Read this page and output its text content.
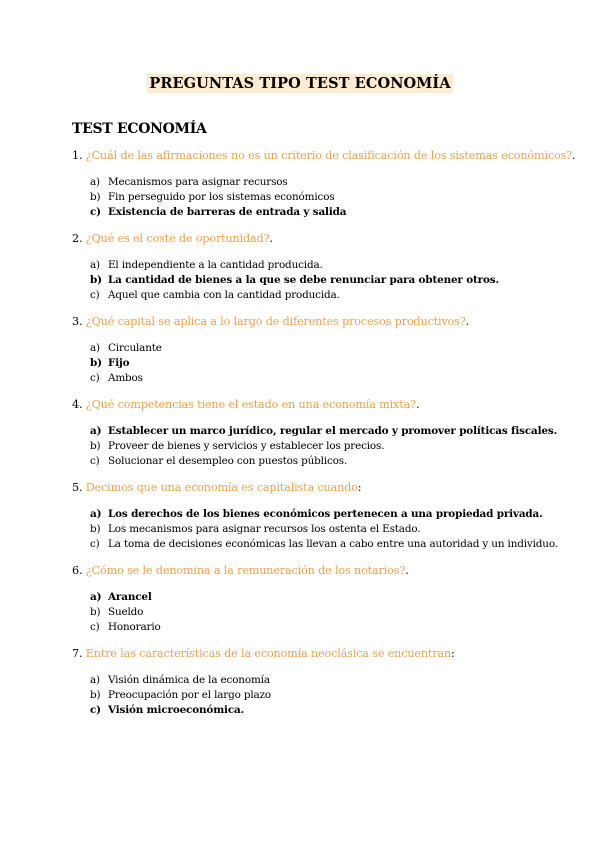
PREGUNTAS TIPO TEST ECONOMÍA
TEST ECONOMÍA
1. ¿Cuál de las afirmaciones no es un criterio de clasificación de los sistemas económicos?.
a) Mecanismos para asignar recursos
b) Fin perseguido por los sistemas económicos
c) Existencia de barreras de entrada y salida
2. ¿Qué es el coste de oportunidad?.
a) El independiente a la cantidad producida.
b) La cantidad de bienes a la que se debe renunciar para obtener otros.
c) Aquel que cambia con la cantidad producida.
3. ¿Qué capital se aplica a lo largo de diferentes procesos productivos?.
a) Circulante
b) Fijo
c) Ambos
4. ¿Qué competencias tiene el estado en una economía mixta?.
a) Establecer un marco jurídico, regular el mercado y promover políticas fiscales.
b) Proveer de bienes y servicios y establecer los precios.
c) Solucionar el desempleo con puestos públicos.
5. Decimos que una economía es capitalista cuando:
a) Los derechos de los bienes económicos pertenecen a una propiedad privada.
b) Los mecanismos para asignar recursos los ostenta el Estado.
c) La toma de decisiones económicas las llevan a cabo entre una autoridad y un individuo.
6. ¿Cómo se le denomina a la remuneración de los notarios?.
a) Arancel
b) Sueldo
c) Honorario
7. Entre las características de la economía neoclásica se encuentran:
a) Visión dinámica de la economía
b) Preocupación por el largo plazo
c) Visión microeconómica.
